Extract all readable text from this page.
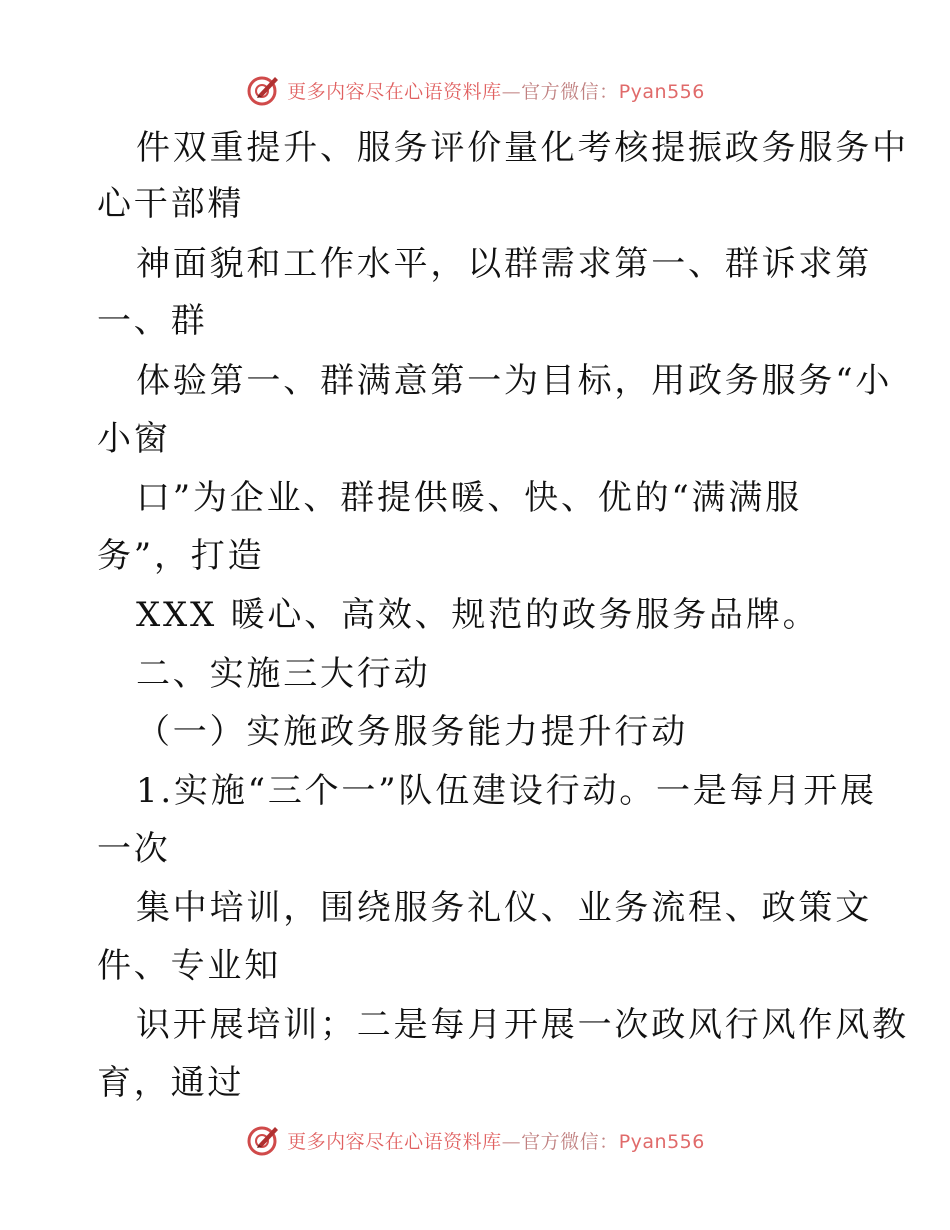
更多内容尽在心语资料库—官方微信：Pyan556
件双重提升、服务评价量化考核提振政务服务中
心干部精
神面貌和工作水平，以群需求第一、群诉求第
一、群
体验第一、群满意第一为目标，用政务服务“小
小窗
口”为企业、群提供暖、快、优的“满满服
务”，打造
XXX 暖心、高效、规范的政务服务品牌。
二、实施三大行动
（一）实施政务服务能力提升行动
1.实施“三个一”队伍建设行动。一是每月开展
一次
集中培训，围绕服务礼仪、业务流程、政策文
件、专业知
识开展培训；二是每月开展一次政风行风作风教
育，通过
更多内容尽在心语资料库—官方微信：Pyan556
